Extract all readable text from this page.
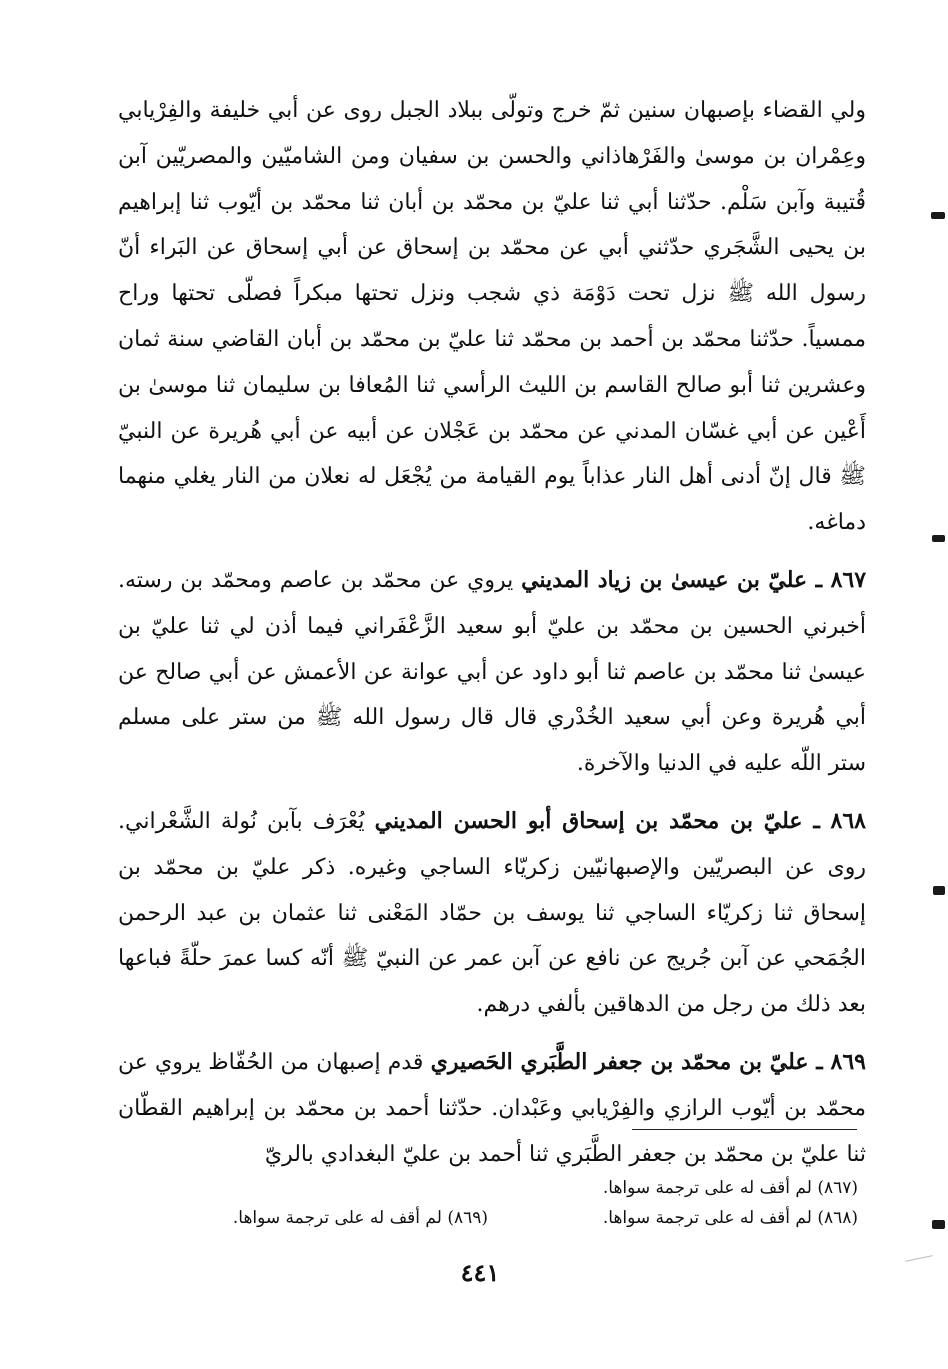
ولي القضاء بإصبهان سنين ثمّ خرج وتولّى ببلاد الجبل روى عن أبي خليفة والفِرْيابي وعِمْران بن موسىٰ والفَرْهاذاني والحسن بن سفيان ومن الشاميّين والمصريّين آبن قُتيبة وآبن سَلْم. حدّثنا أبي ثنا عليّ بن محمّد بن أبان ثنا محمّد بن أيّوب ثنا إبراهيم بن يحيى الشَّجَري حدّثني أبي عن محمّد بن إسحاق عن أبي إسحاق عن البَراء أنّ رسول الله ﷺ نزل تحت دَوْمَة ذي شجب ونزل تحتها مبكراً فصلّى تحتها وراح ممسياً. حدّثنا محمّد بن أحمد بن محمّد ثنا عليّ بن محمّد بن أبان القاضي سنة ثمان وعشرين ثنا أبو صالح القاسم بن الليث الرأسي ثنا المُعافا بن سليمان ثنا موسىٰ بن أَعْين عن أبي غسّان المدني عن محمّد بن عَجْلان عن أبيه عن أبي هُريرة عن النبيّ ﷺ قال إنّ أدنى أهل النار عذاباً يوم القيامة من يُجْعَل له نعلان من النار يغلي منهما دماغه.

٨٦٧ ـ عليّ بن عيسىٰ بن زياد المديني يروي عن محمّد بن عاصم ومحمّد بن رسته. أخبرني الحسين بن محمّد بن عليّ أبو سعيد الزَّعْفَراني فيما أذن لي ثنا عليّ بن عيسىٰ ثنا محمّد بن عاصم ثنا أبو داود عن أبي عوانة عن الأعمش عن أبي صالح عن أبي هُريرة وعن أبي سعيد الخُدْري قال قال رسول الله ﷺ من ستر على مسلم ستر اللّه عليه في الدنيا والآخرة.

٨٦٨ ـ عليّ بن محمّد بن إسحاق أبو الحسن المديني يُعْرَف بآبن نُولة الشَّعْراني. روى عن البصريّين والإصبهانيّين زكريّاء الساجي وغيره. ذكر عليّ بن محمّد بن إسحاق ثنا زكريّاء الساجي ثنا يوسف بن حمّاد المَعْنى ثنا عثمان بن عبد الرحمن الجُمَحي عن آبن جُريج عن نافع عن آبن عمر عن النبيّ ﷺ أنّه كسا عمرَ حلّةً فباعها بعد ذلك من رجل من الدهاقين بألفي درهم.

٨٦٩ ـ عليّ بن محمّد بن جعفر الطَّبَري الحَصيري قدم إصبهان من الحُفّاظ يروي عن محمّد بن أيّوب الرازي والفِرْيابي وعَبْدان. حدّثنا أحمد بن محمّد بن إبراهيم القطّان ثنا عليّ بن محمّد بن جعفر الطَّبَري ثنا أحمد بن عليّ البغدادي بالريّ

(٨٦٧) لم أقف له على ترجمة سواها.
(٨٦٨) لم أقف له على ترجمة سواها.
(٨٦٩) لم أقف له على ترجمة سواها.
٤٤١
